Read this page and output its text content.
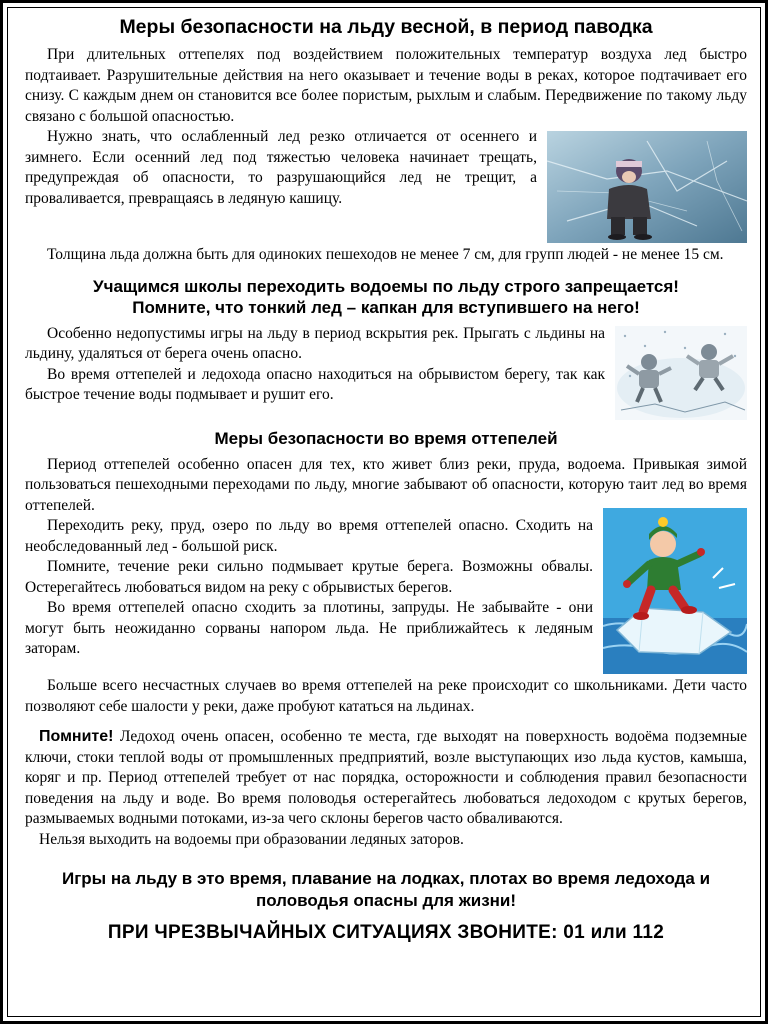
Меры безопасности на льду весной, в период паводка

При длительных оттепелях под воздействием положительных температур воздуха лед быстро подтаивает. Разрушительные действия на него оказывает и течение воды в реках, которое подтачивает его снизу. С каждым днем он становится все более пористым, рыхлым и слабым. Передвижение по такому льду связано с большой опасностью.

Нужно знать, что ослабленный лед резко отличается от осеннего и зимнего. Если осенний лед под тяжестью человека начинает трещать, предупреждая об опасности, то разрушающийся лед не трещит, а проваливается, превращаясь в ледяную кашицу.

Толщина льда должна быть для одиноких пешеходов не менее 7 см, для групп людей - не менее 15 см.

Учащимся школы переходить водоемы по льду строго запрещается!
Помните, что тонкий лед – капкан для вступившего на него!

Особенно недопустимы игры на льду в период вскрытия рек. Прыгать с льдины на льдину, удаляться от берега очень опасно.

Во время оттепелей и ледохода опасно находиться на обрывистом берегу, так как быстрое течение воды подмывает и рушит его.

Меры безопасности во время оттепелей

Период оттепелей особенно опасен для тех, кто живет близ реки, пруда, водоема. Привыкая зимой пользоваться пешеходными переходами по льду, многие забывают об опасности, которую таит лед во время оттепелей.

Переходить реку, пруд, озеро по льду во время оттепелей опасно. Сходить на необследованный лед - большой риск.

Помните, течение реки сильно подмывает крутые берега. Возможны обвалы. Остерегайтесь любоваться видом на реку с обрывистых берегов.

Во время оттепелей опасно сходить за плотины, запруды. Не забывайте - они могут быть неожиданно сорваны напором льда. Не приближайтесь к ледяным заторам.

Больше всего несчастных случаев во время оттепелей на реке происходит со школьниками. Дети часто позволяют себе шалости у реки, даже пробуют кататься на льдинах.

Помните! Ледоход очень опасен, особенно те места, где выходят на поверхность водоёма подземные ключи, стоки теплой воды от промышленных предприятий, возле выступающих изо льда кустов, камыша, коряг и пр. Период оттепелей требует от нас порядка, осторожности и соблюдения правил безопасности поведения на льду и воде. Во время половодья остерегайтесь любоваться ледоходом с крутых берегов, размываемых водными потоками, из-за чего склоны берегов часто обваливаются.

Нельзя выходить на водоемы при образовании ледяных заторов.

Игры на льду в это время, плавание на лодках, плотах во время ледохода и половодья опасны для жизни!
ПРИ ЧРЕЗВЫЧАЙНЫХ СИТУАЦИЯХ ЗВОНИТЕ: 01 или 112
